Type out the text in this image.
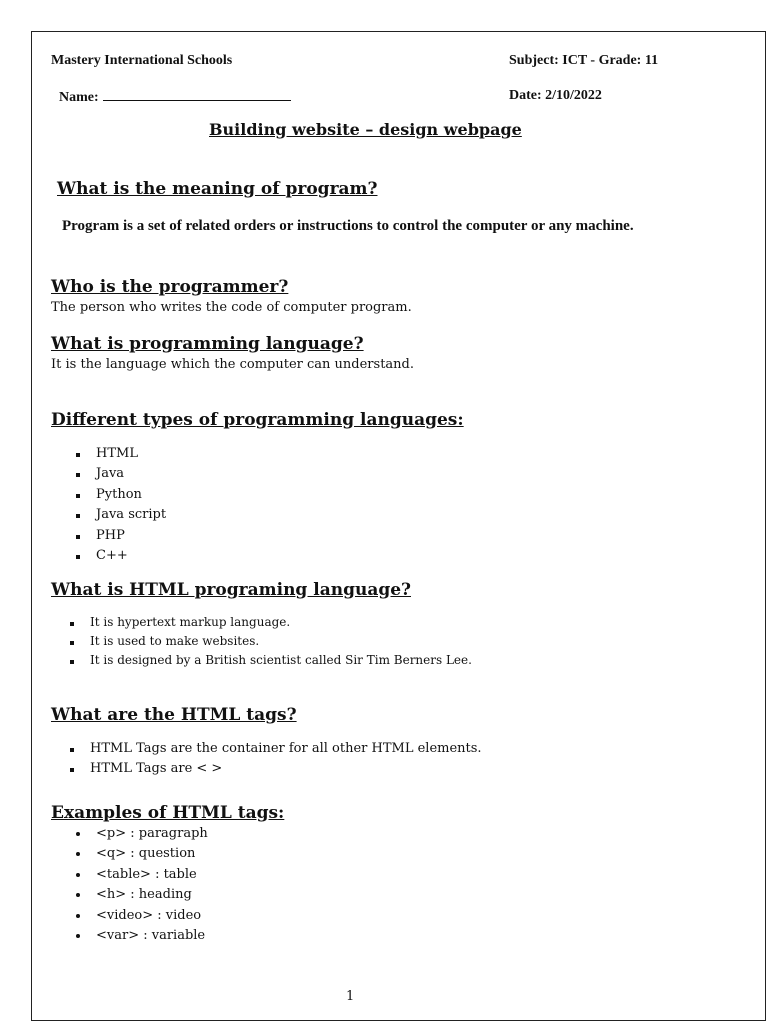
Mastery International Schools	Subject: ICT - Grade: 11
Name:	Date: 2/10/2022
Building website – design webpage
What is the meaning of program?
Program is a set of related orders or instructions to control the computer or any machine.
Who is the programmer?
The person who writes the code of computer program.
What is programming language?
It is the language which the computer can understand.
Different types of programming languages:
HTML
Java
Python
Java script
PHP
C++
What is HTML programing language?
It is hypertext markup language.
It is used to make websites.
It is designed by a British scientist called Sir Tim Berners Lee.
What are the HTML tags?
HTML Tags are the container for all other HTML elements.
HTML Tags are < >
Examples of HTML tags:
<p> : paragraph
<q> : question
<table> : table
<h> : heading
<video> : video
<var> : variable
1
